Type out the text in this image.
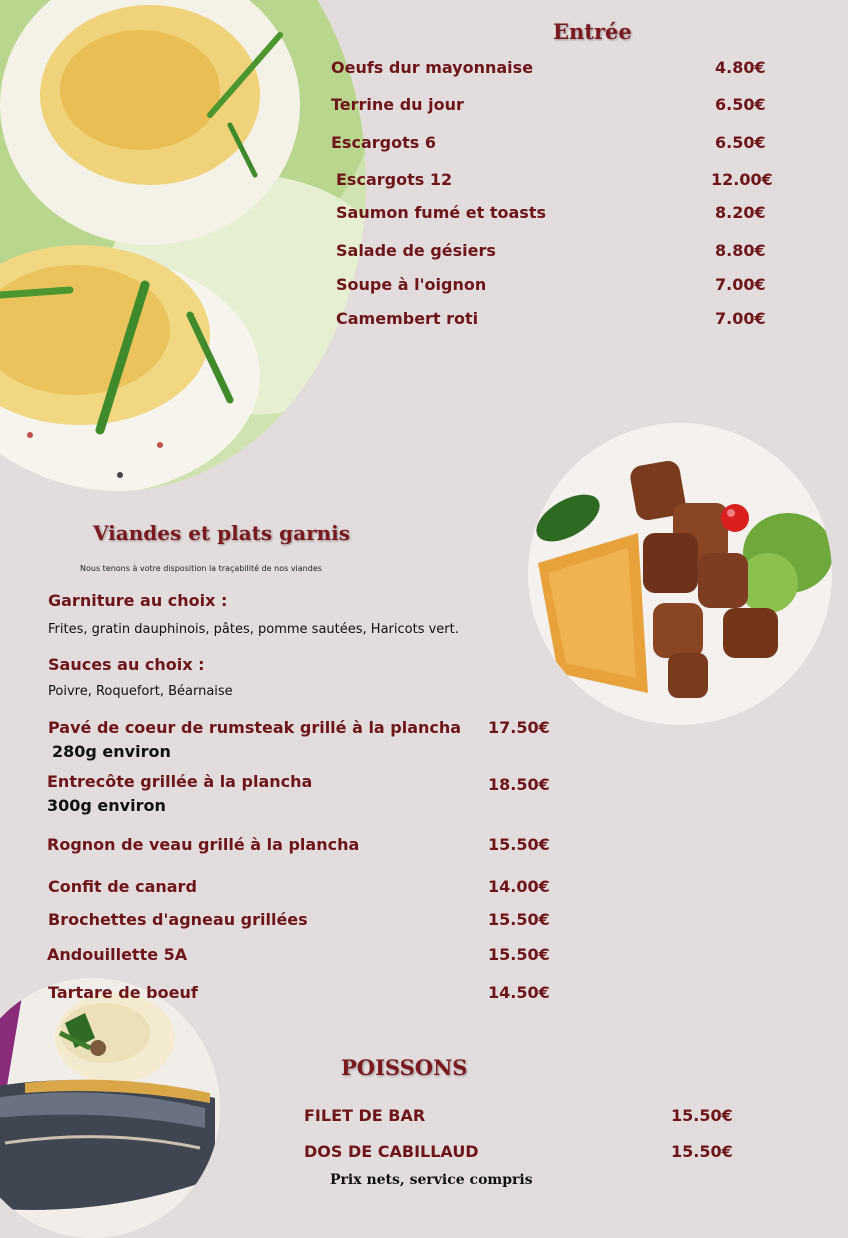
Entrée
Oeufs dur mayonnaise	4.80€
Terrine du jour	6.50€
Escargots 6	6.50€
Escargots 12	12.00€
Saumon fumé et toasts	8.20€
Salade de gésiers	8.80€
Soupe à l'oignon	7.00€
Camembert roti	7.00€
Viandes et plats garnis
Nous tenons à votre disposition la traçabilité de nos viandes
Garniture au choix :
Frites, gratin dauphinois, pâtes, pomme sautées, Haricots vert.
Sauces au choix :
Poivre, Roquefort, Béarnaise
Pavé de coeur de rumsteak grillé à la plancha 17.50€
280g environ
Entrecôte grillée à la plancha	18.50€
300g environ
Rognon de veau grillé à la plancha	15.50€
Confit de canard	14.00€
Brochettes d'agneau grillées	15.50€
Andouillette 5A	15.50€
Tartare de boeuf	14.50€
POISSONS
FILET DE BAR	15.50€
DOS DE CABILLAUD	15.50€
Prix nets, service compris
